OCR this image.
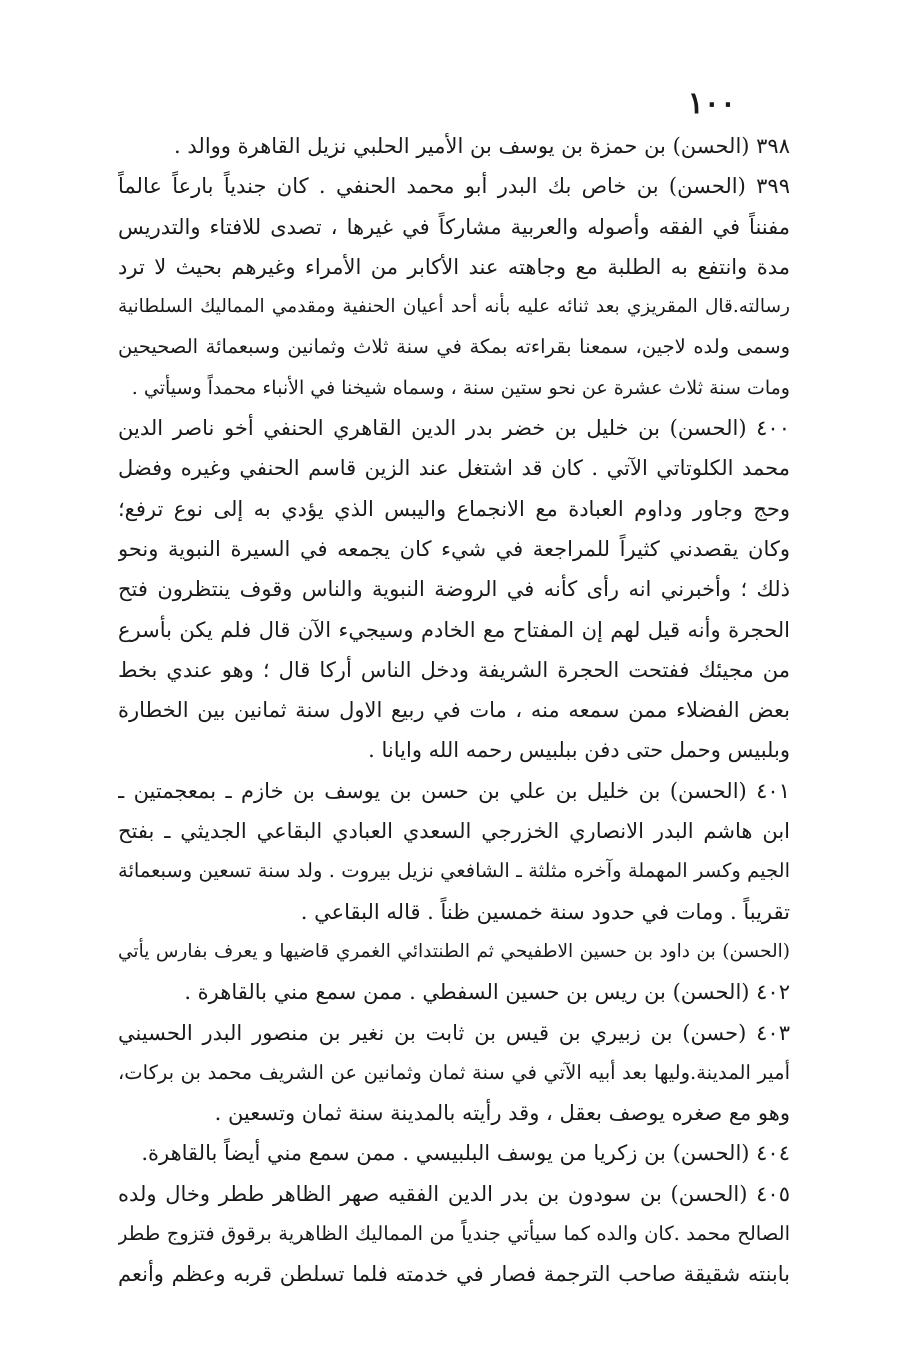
١٠٠
٣٩٨ (الحسن) بن حمزة بن يوسف بن الأمير الحلبي نزيل القاهرة ووالد .
٣٩٩ (الحسن) بن خاص بك البدر أبو محمد الحنفي . كان جندياً بارعاً عالماً
مفنناً في الفقه وأصوله والعربية مشاركاً في غيرها ، تصدى للافتاء والتدريس
مدة وانتفع به الطلبة مع وجاهته عند الأكابر من الأمراء وغيرهم بحيث لا ترد
رسالته.قال المقريزي بعد ثنائه عليه بأنه أحد أعيان الحنفية ومقدمي المماليك السلطانية
وسمى ولده لاجين، سمعنا بقراءته بمكة في سنة ثلاث وثمانين وسبعمائة الصحيحين
ومات سنة ثلاث عشرة عن نحو ستين سنة ، وسماه شيخنا في الأنباء محمداً وسيأتي .
٤٠٠ (الحسن) بن خليل بن خضر بدر الدين القاهري الحنفي أخو ناصر الدين
محمد الكلوتاتي الآتي . كان قد اشتغل عند الزين قاسم الحنفي وغيره وفضل
وحج وجاور وداوم العبادة مع الانجماع واليبس الذي يؤدي به إلى نوع ترفع؛
وكان يقصدني كثيراً للمراجعة في شيء كان يجمعه في السيرة النبوية ونحو
ذلك ؛ وأخبرني انه رأى كأنه في الروضة النبوية والناس وقوف ينتظرون فتح
الحجرة وأنه قيل لهم إن المفتاح مع الخادم وسيجيء الآن قال فلم يكن بأسرع
من مجيئك ففتحت الحجرة الشريفة ودخل الناس أركا قال ؛ وهو عندي بخط
بعض الفضلاء ممن سمعه منه ، مات في ربيع الاول سنة ثمانين بين الخطارة
وبلبيس وحمل حتى دفن ببلبيس رحمه الله وايانا .
٤٠١ (الحسن) بن خليل بن علي بن حسن بن يوسف بن خازم ـ بمعجمتين ـ
ابن هاشم البدر الانصاري الخزرجي السعدي العبادي البقاعي الجديثي ـ بفتح
الجيم وكسر المهملة وآخره مثلثة ـ الشافعي نزيل بيروت . ولد سنة تسعين وسبعمائة
تقريباً . ومات في حدود سنة خمسين ظناً . قاله البقاعي .
(الحسن) بن داود بن حسين الاطفيحي ثم الطنتدائي الغمري قاضيها و يعرف بفارس يأتي
٤٠٢ (الحسن) بن ريس بن حسين السفطي . ممن سمع مني بالقاهرة .
٤٠٣ (حسن) بن زبيري بن قيس بن ثابت بن نغير بن منصور البدر الحسيني
أمير المدينة.وليها بعد أبيه الآتي في سنة ثمان وثمانين عن الشريف محمد بن بركات،
وهو مع صغره يوصف بعقل ، وقد رأيته بالمدينة سنة ثمان وتسعين .
٤٠٤ (الحسن) بن زكريا من يوسف البلبيسي . ممن سمع مني أيضاً بالقاهرة.
٤٠٥ (الحسن) بن سودون بن بدر الدين الفقيه صهر الظاهر ططر وخال ولده
الصالح محمد .كان والده كما سيأتي جندياً من المماليك الظاهرية برقوق فتزوج ططر
بابنته شقيقة صاحب الترجمة فصار في خدمته فلما تسلطن قربه وعظم وأنعم
